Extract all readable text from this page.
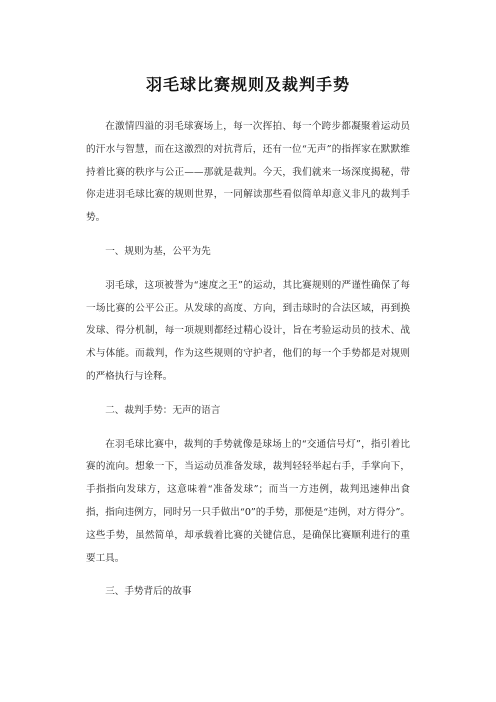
羽毛球比赛规则及裁判手势

在激情四溢的羽毛球赛场上，每一次挥拍、每一个跨步都凝聚着运动员的汗水与智慧，而在这激烈的对抗背后，还有一位“无声”的指挥家在默默维持着比赛的秩序与公正——那就是裁判。今天，我们就来一场深度揭秘，带你走进羽毛球比赛的规则世界，一同解读那些看似简单却意义非凡的裁判手势。

一、规则为基，公平为先

羽毛球，这项被誉为“速度之王”的运动，其比赛规则的严谨性确保了每一场比赛的公平公正。从发球的高度、方向，到击球时的合法区域，再到换发球、得分机制，每一项规则都经过精心设计，旨在考验运动员的技术、战术与体能。而裁判，作为这些规则的守护者，他们的每一个手势都是对规则的严格执行与诠释。

二、裁判手势：无声的语言

在羽毛球比赛中，裁判的手势就像是球场上的“交通信号灯”，指引着比赛的流向。想象一下，当运动员准备发球，裁判轻轻举起右手，手掌向下，手指指向发球方，这意味着“准备发球”；而当一方违例，裁判迅速伸出食指，指向违例方，同时另一只手做出“0”的手势，那便是“违例，对方得分”。这些手势，虽然简单，却承载着比赛的关键信息，是确保比赛顺利进行的重要工具。

三、手势背后的故事
